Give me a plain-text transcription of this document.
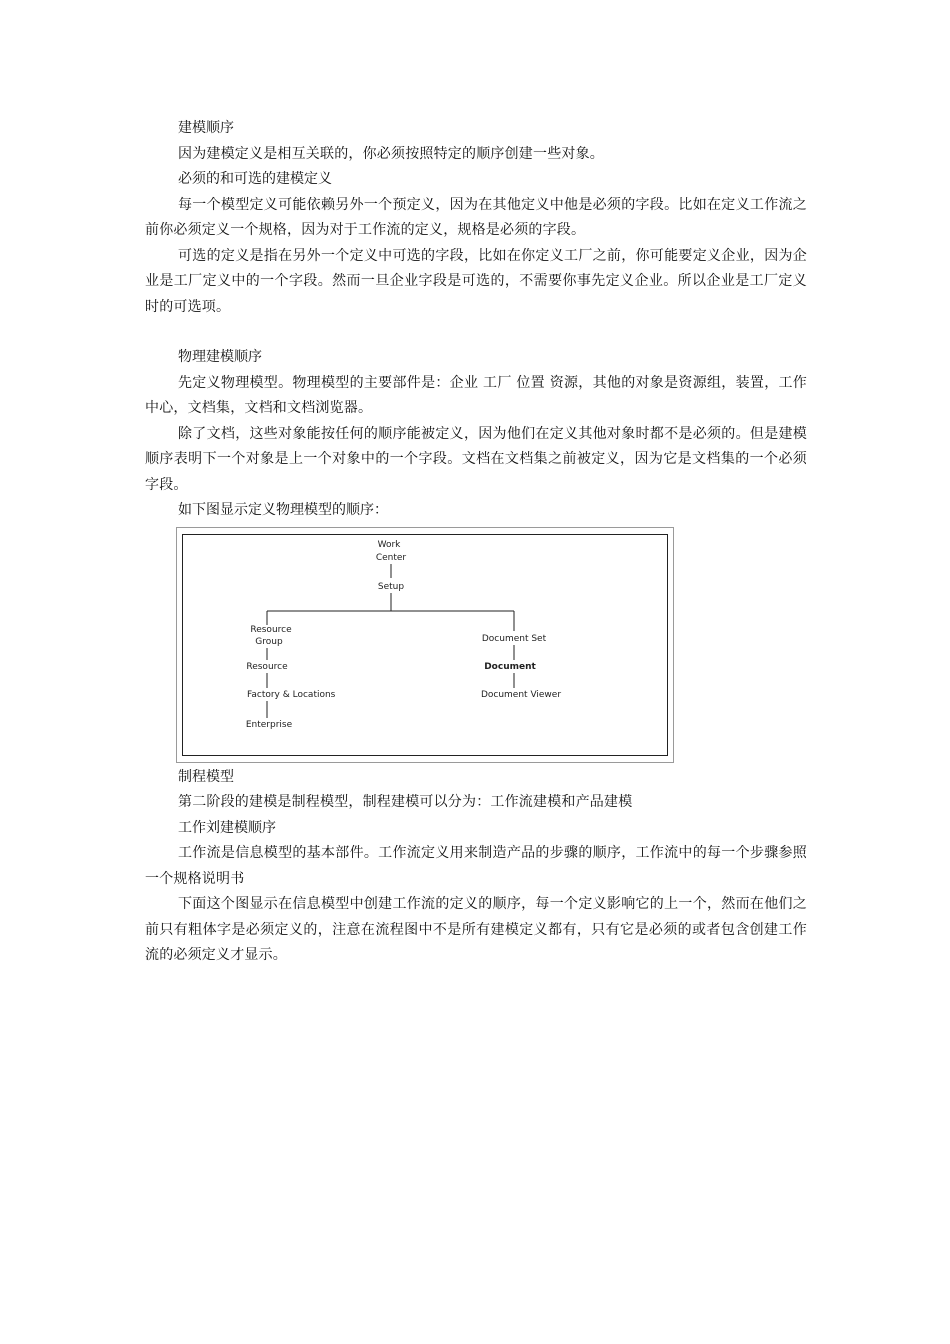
建模顺序

因为建模定义是相互关联的，你必须按照特定的顺序创建一些对象。

必须的和可选的建模定义

每一个模型定义可能依赖另外一个预定义，因为在其他定义中他是必须的字段。比如在定义工作流之前你必须定义一个规格，因为对于工作流的定义，规格是必须的字段。

可选的定义是指在另外一个定义中可选的字段，比如在你定义工厂之前，你可能要定义企业，因为企业是工厂定义中的一个字段。然而一旦企业字段是可选的，不需要你事先定义企业。所以企业是工厂定义时的可选项。

物理建模顺序

先定义物理模型。物理模型的主要部件是：企业 工厂 位置 资源，其他的对象是资源组，装置，工作中心，文档集，文档和文档浏览器。

除了文档，这些对象能按任何的顺序能被定义，因为他们在定义其他对象时都不是必须的。但是建模顺序表明下一个对象是上一个对象中的一个字段。文档在文档集之前被定义，因为它是文档集的一个必须字段。

如下图显示定义物理模型的顺序：

Work
Center
Setup
Resource
Group
Resource
Factory & Locations
Enterprise
Document Set
Document
Document Viewer

制程模型

第二阶段的建模是制程模型，制程建模可以分为：工作流建模和产品建模

工作刘建模顺序

工作流是信息模型的基本部件。工作流定义用来制造产品的步骤的顺序，工作流中的每一个步骤参照一个规格说明书

下面这个图显示在信息模型中创建工作流的定义的顺序，每一个定义影响它的上一个，然而在他们之前只有粗体字是必须定义的，注意在流程图中不是所有建模定义都有，只有它是必须的或者包含创建工作流的必须定义才显示。
